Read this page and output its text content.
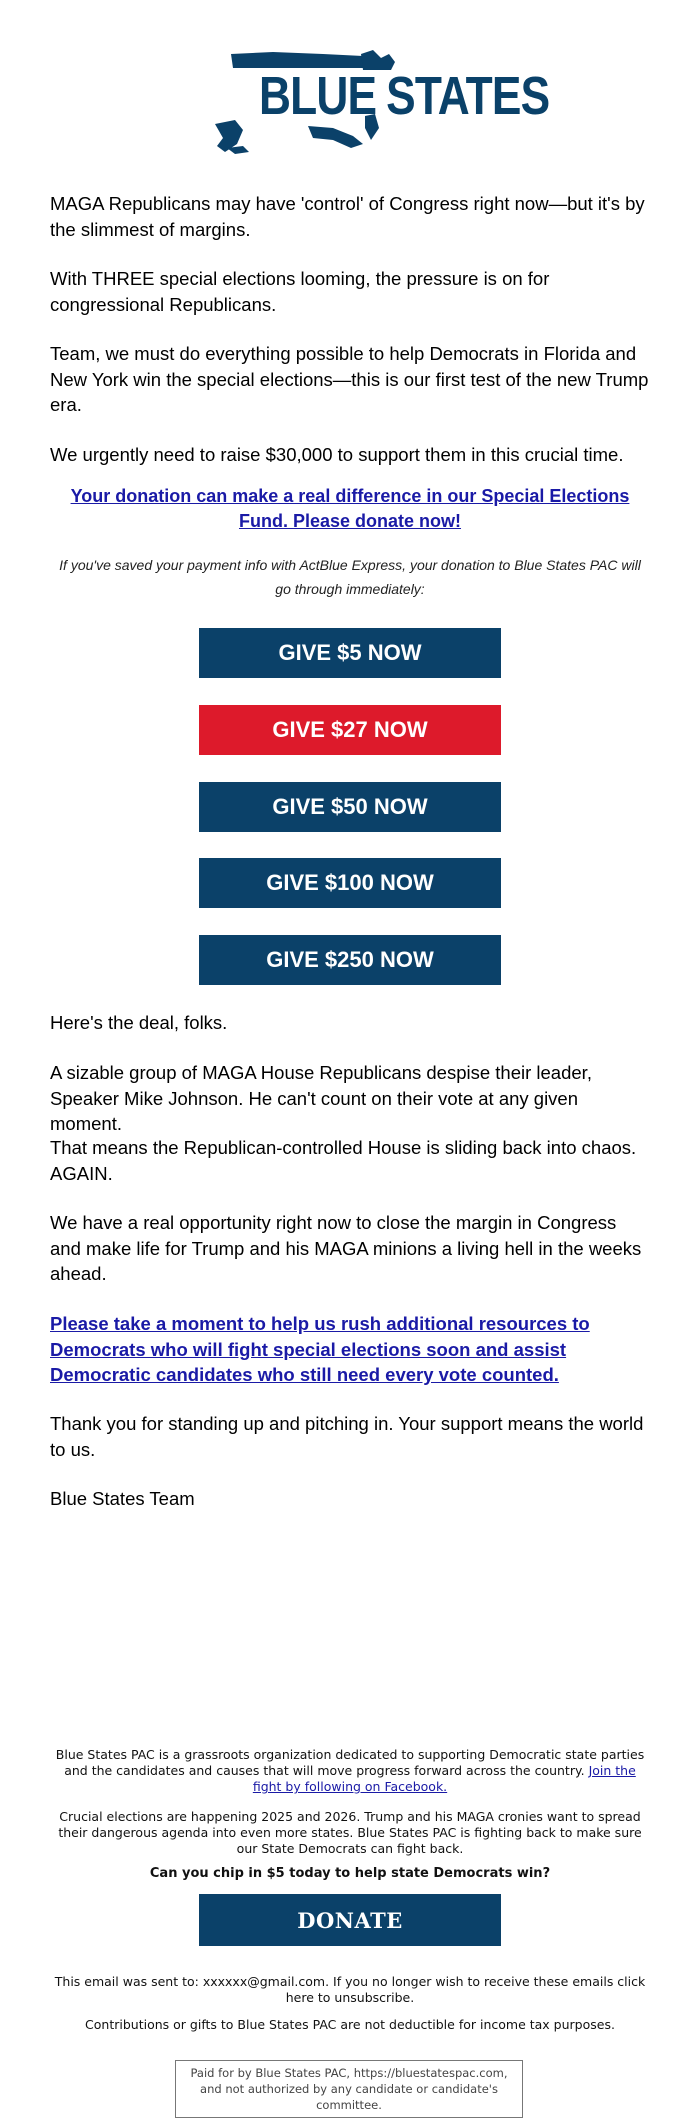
BLUE STATES

MAGA Republicans may have 'control' of Congress right now—but it's by the slimmest of margins.

With THREE special elections looming, the pressure is on for congressional Republicans.

Team, we must do everything possible to help Democrats in Florida and New York win the special elections—this is our first test of the new Trump era.

We urgently need to raise $30,000 to support them in this crucial time.

Your donation can make a real difference in our Special Elections Fund. Please donate now!
If you've saved your payment info with ActBlue Express, your donation to Blue States PAC will go through immediately:
GIVE $5 NOW
GIVE $27 NOW
GIVE $50 NOW
GIVE $100 NOW
GIVE $250 NOW

Here's the deal, folks.

A sizable group of MAGA House Republicans despise their leader, Speaker Mike Johnson. He can't count on their vote at any given moment.

That means the Republican-controlled House is sliding back into chaos. AGAIN.

We have a real opportunity right now to close the margin in Congress and make life for Trump and his MAGA minions a living hell in the weeks ahead.

Please take a moment to help us rush additional resources to Democrats who will fight special elections soon and assist Democratic candidates who still need every vote counted.

Thank you for standing up and pitching in. Your support means the world to us.

Blue States Team

Blue States PAC is a grassroots organization dedicated to supporting Democratic state parties and the candidates and causes that will move progress forward across the country. Join the fight by following on Facebook.
Crucial elections are happening 2025 and 2026. Trump and his MAGA cronies want to spread their dangerous agenda into even more states. Blue States PAC is fighting back to make sure our State Democrats can fight back.
Can you chip in $5 today to help state Democrats win?
DONATE
This email was sent to: xxxxxx@gmail.com. If you no longer wish to receive these emails click here to unsubscribe.
Contributions or gifts to Blue States PAC are not deductible for income tax purposes.
Paid for by Blue States PAC, https://bluestatespac.com, and not authorized by any candidate or candidate's committee.
